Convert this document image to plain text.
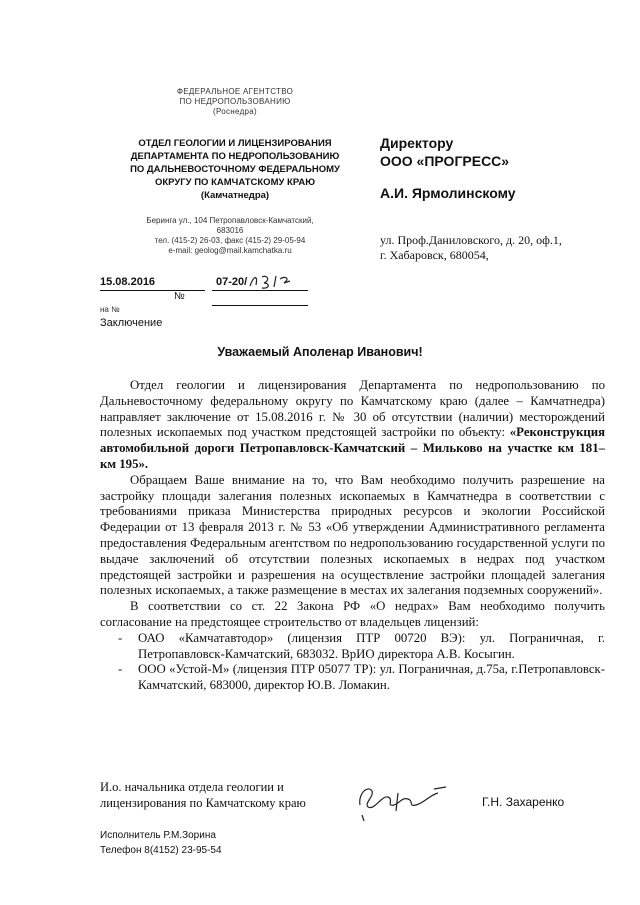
ФЕДЕРАЛЬНОЕ АГЕНТСТВО
ПО НЕДРОПОЛЬЗОВАНИЮ
(Роснедра)
ОТДЕЛ ГЕОЛОГИИ И ЛИЦЕНЗИРОВАНИЯ
ДЕПАРТАМЕНТА ПО НЕДРОПОЛЬЗОВАНИЮ
ПО ДАЛЬНЕВОСТОЧНОМУ ФЕДЕРАЛЬНОМУ
ОКРУГУ ПО КАМЧАТСКОМУ КРАЮ
(Камчатнедра)
Беринга ул., 104 Петропавловск-Камчатский,
683016
тел. (415-2) 26-03, факс (415-2) 29-05-94
e-mail: geolog@mail.kamchatka.ru
15.08.2016	07-20/
№
на №
Заключение
Директору
ООО «ПРОГРЕСС»
А.И. Ярмолинскому
ул. Проф.Даниловского, д. 20, оф.1,
г. Хабаровск, 680054,
Уважаемый Аполенар Иванович!

Отдел геологии и лицензирования Департамента по недропользованию по Дальневосточному федеральному округу по Камчатскому краю (далее – Камчатнедра) направляет заключение от 15.08.2016 г. № 30 об отсутствии (наличии) месторождений полезных ископаемых под участком предстоящей застройки по объекту: «Реконструкция автомобильной дороги Петропавловск-Камчатский – Мильково на участке км 181– км 195».

Обращаем Ваше внимание на то, что Вам необходимо получить разрешение на застройку площади залегания полезных ископаемых в Камчатнедра в соответствии с требованиями приказа Министерства природных ресурсов и экологии Российской Федерации от 13 февраля 2013 г. № 53 «Об утверждении Административного регламента предоставления Федеральным агентством по недропользованию государственной услуги по выдаче заключений об отсутствии полезных ископаемых в недрах под участком предстоящей застройки и разрешения на осуществление застройки площадей залегания полезных ископаемых, а также размещение в местах их залегания подземных сооружений».

В соответствии со ст. 22 Закона РФ «О недрах» Вам необходимо получить согласование на предстоящее строительство от владельцев лицензий:

- ОАО «Камчатавтодор» (лицензия ПТР 00720 ВЭ): ул. Пограничная, г. Петропавловск-Камчатский, 683032. ВрИО директора А.В. Косыгин.
- ООО «Устой-М» (лицензия ПТР 05077 ТР): ул. Пограничная, д.75а, г.Петропавловск-Камчатский, 683000, директор Ю.В. Ломакин.
И.о. начальника отдела геологии и
лицензирования по Камчатскому краю	Г.Н. Захаренко
Исполнитель Р.М.Зорина
Телефон 8(4152) 23-95-54
